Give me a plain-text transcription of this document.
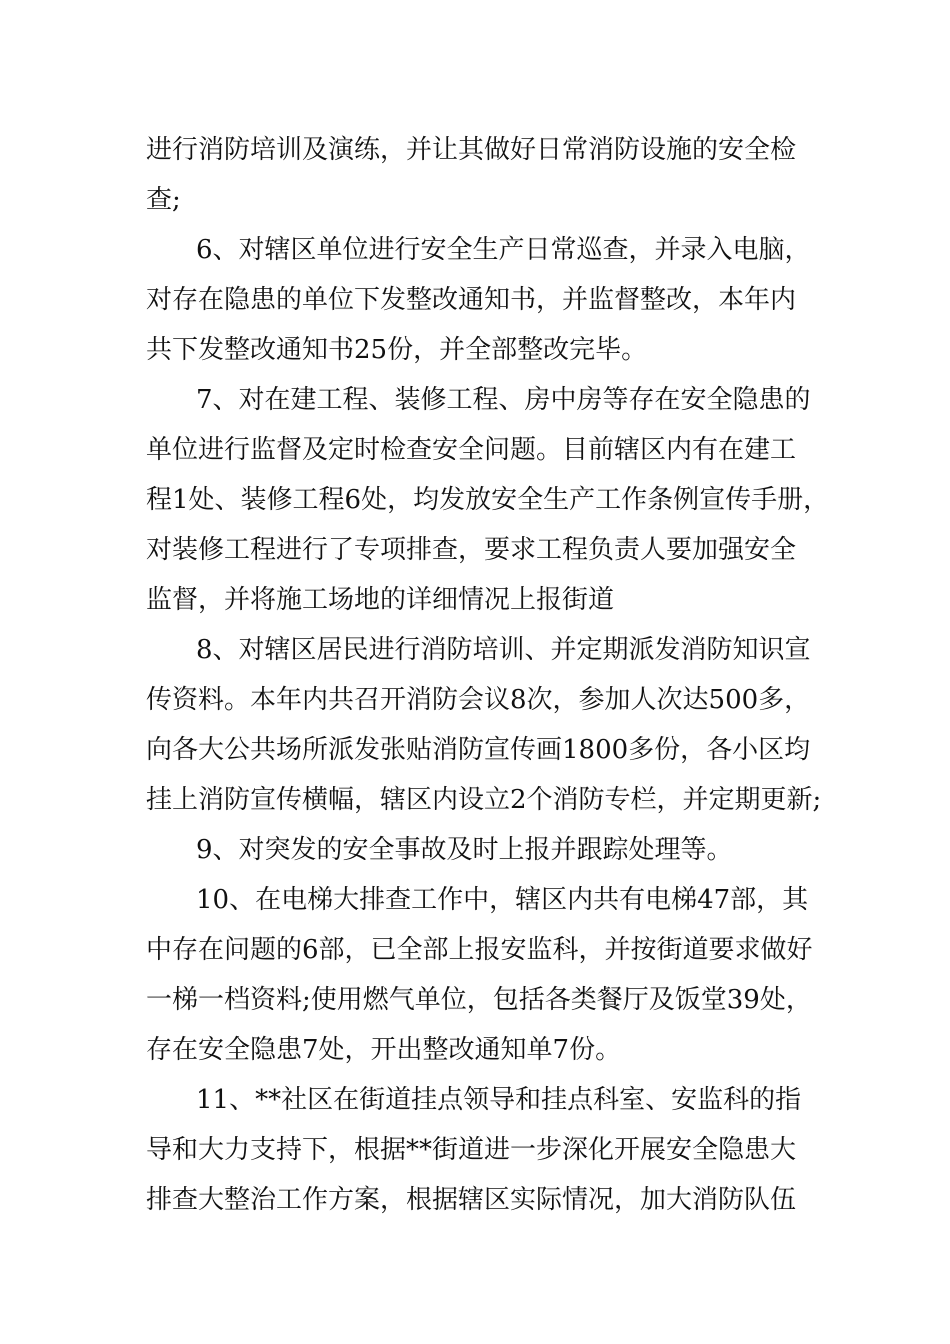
进行消防培训及演练，并让其做好日常消防设施的安全检
查;
6、对辖区单位进行安全生产日常巡查，并录入电脑，
对存在隐患的单位下发整改通知书，并监督整改，本年内
共下发整改通知书25份，并全部整改完毕。
7、对在建工程、装修工程、房中房等存在安全隐患的
单位进行监督及定时检查安全问题。目前辖区内有在建工
程1处、装修工程6处，均发放安全生产工作条例宣传手册，
对装修工程进行了专项排查，要求工程负责人要加强安全
监督，并将施工场地的详细情况上报街道
8、对辖区居民进行消防培训、并定期派发消防知识宣
传资料。本年内共召开消防会议8次，参加人次达500多，
向各大公共场所派发张贴消防宣传画1800多份，各小区均
挂上消防宣传横幅，辖区内设立2个消防专栏，并定期更新;
9、对突发的安全事故及时上报并跟踪处理等。
10、在电梯大排查工作中，辖区内共有电梯47部，其
中存在问题的6部，已全部上报安监科，并按街道要求做好
一梯一档资料;使用燃气单位，包括各类餐厅及饭堂39处，
存在安全隐患7处，开出整改通知单7份。
11、**社区在街道挂点领导和挂点科室、安监科的指
导和大力支持下，根据**街道进一步深化开展安全隐患大
排查大整治工作方案，根据辖区实际情况，加大消防队伍
